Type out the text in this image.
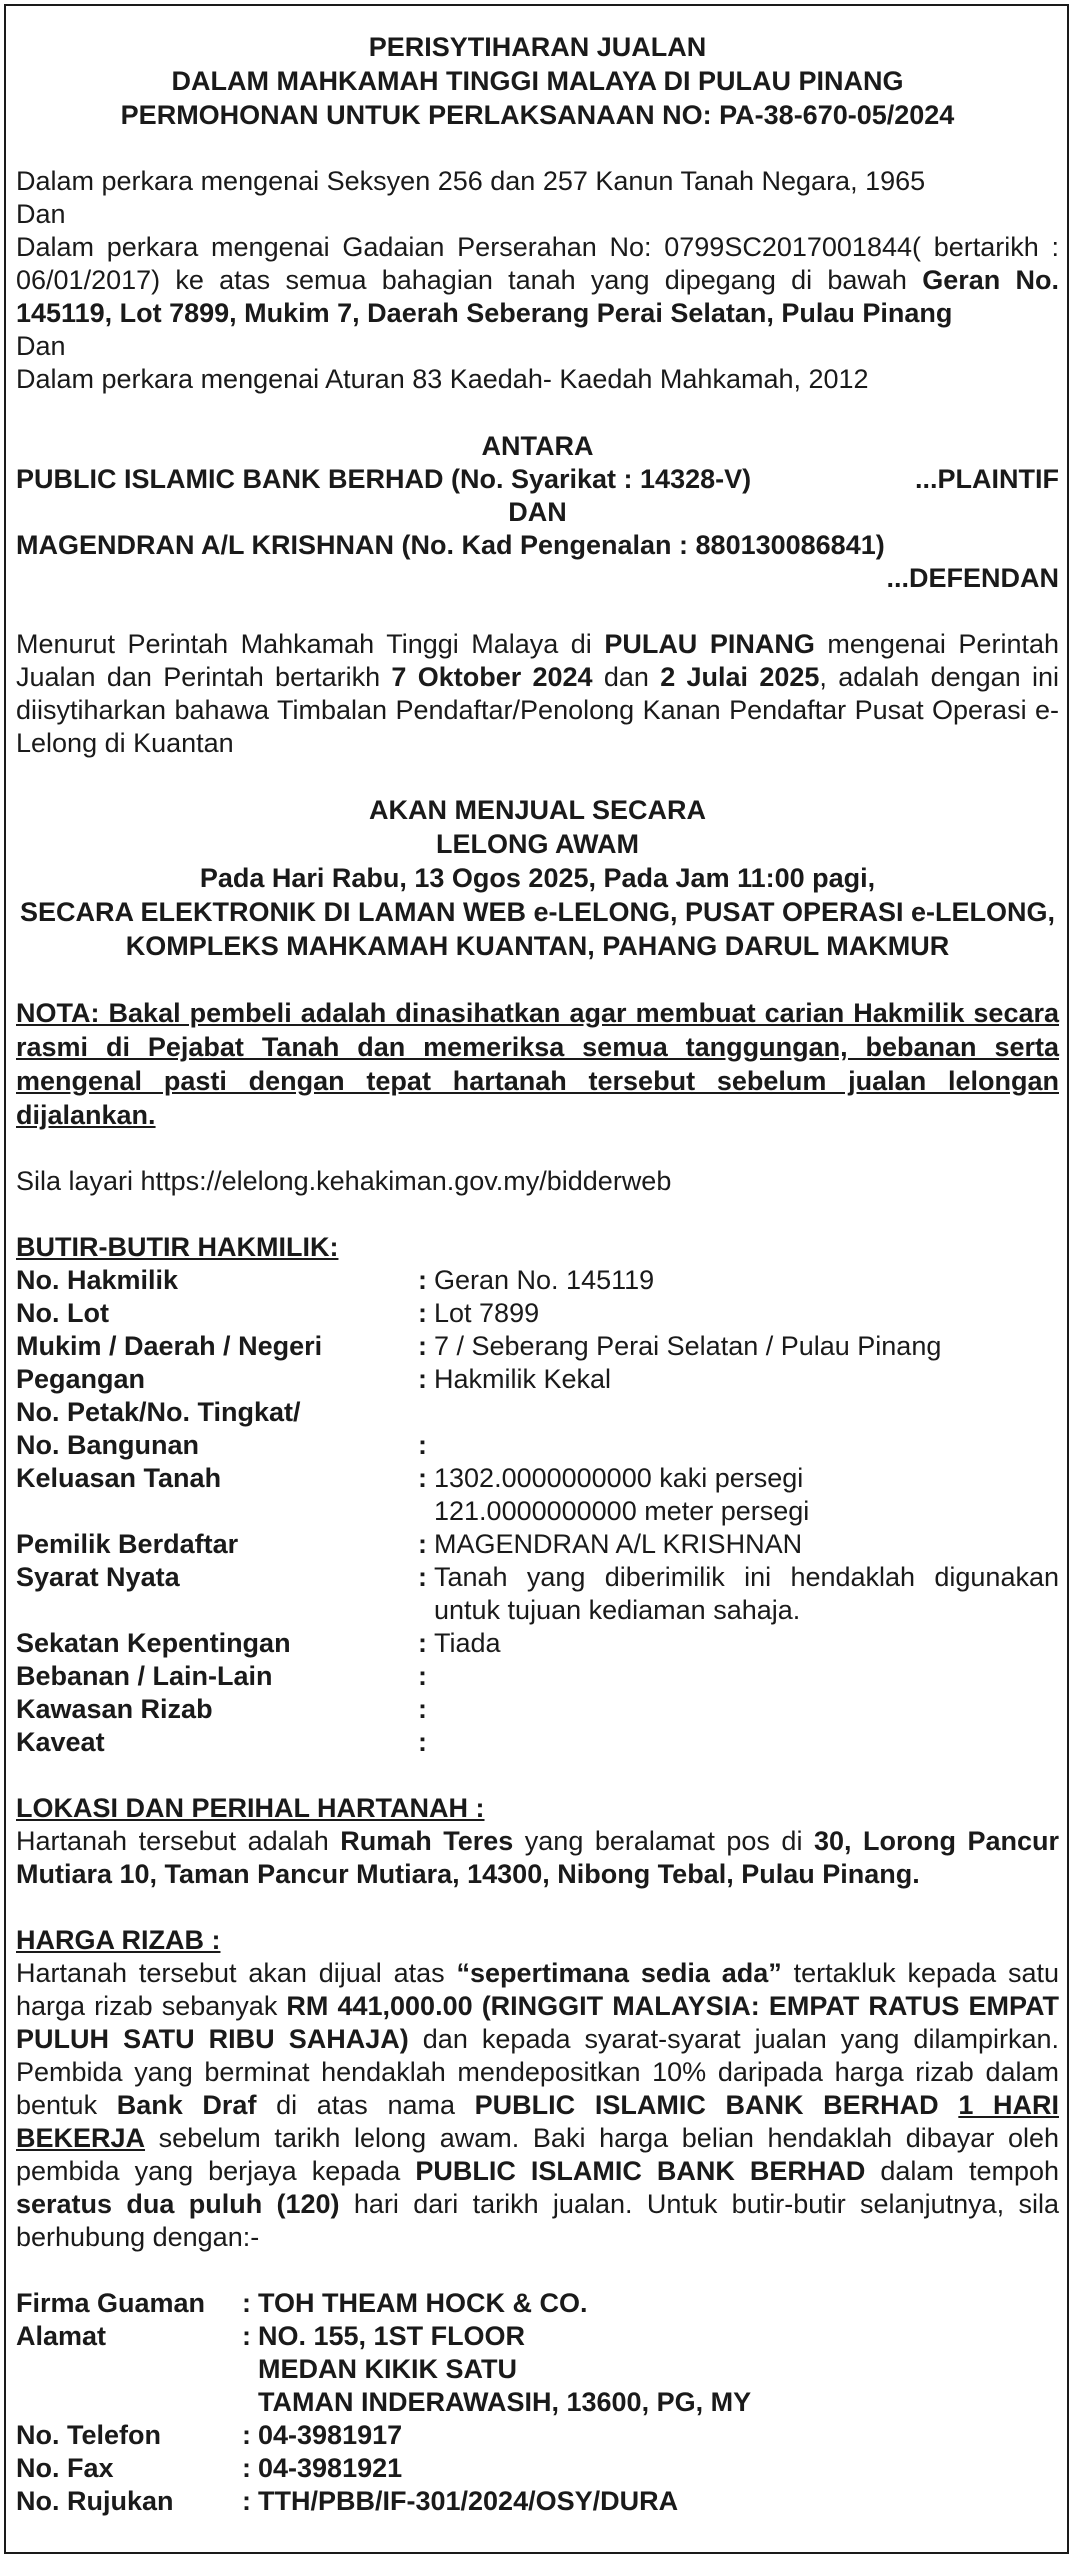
PERISYTIHARAN JUALAN
DALAM MAHKAMAH TINGGI MALAYA DI PULAU PINANG
PERMOHONAN UNTUK PERLAKSANAAN NO: PA-38-670-05/2024

Dalam perkara mengenai Seksyen 256 dan 257 Kanun Tanah Negara, 1965

Dan

Dalam perkara mengenai Gadaian Perserahan No: 0799SC2017001844( bertarikh : 06/01/2017) ke atas semua bahagian tanah yang dipegang di bawah Geran No. 145119, Lot 7899, Mukim 7, Daerah Seberang Perai Selatan, Pulau Pinang

Dan

Dalam perkara mengenai Aturan 83 Kaedah- Kaedah Mahkamah, 2012

ANTARA
PUBLIC ISLAMIC BANK BERHAD (No. Syarikat : 14328-V)	...PLAINTIF
DAN
MAGENDRAN A/L KRISHNAN (No. Kad Pengenalan : 880130086841)
...DEFENDAN

Menurut Perintah Mahkamah Tinggi Malaya di PULAU PINANG mengenai Perintah Jualan dan Perintah bertarikh 7 Oktober 2024 dan 2 Julai 2025, adalah dengan ini diisytiharkan bahawa Timbalan Pendaftar/Penolong Kanan Pendaftar Pusat Operasi e-Lelong di Kuantan

AKAN MENJUAL SECARA
LELONG AWAM
Pada Hari Rabu, 13 Ogos 2025, Pada Jam 11:00 pagi,
SECARA ELEKTRONIK DI LAMAN WEB e-LELONG, PUSAT OPERASI e-LELONG,
KOMPLEKS MAHKAMAH KUANTAN, PAHANG DARUL MAKMUR

NOTA: Bakal pembeli adalah dinasihatkan agar membuat carian Hakmilik secara rasmi di Pejabat Tanah dan memeriksa semua tanggungan, bebanan serta mengenal pasti dengan tepat hartanah tersebut sebelum jualan lelongan dijalankan.

Sila layari https://elelong.kehakiman.gov.my/bidderweb

BUTIR-BUTIR HAKMILIK:
No. Hakmilik	:	Geran No. 145119

No. Lot	:	Lot 7899

Mukim / Daerah / Negeri	:	7 / Seberang Perai Selatan / Pulau Pinang

Pegangan	:	Hakmilik Kekal

No. Petak/No. Tingkat/		

No. Bangunan	:	

Keluasan Tanah	:	1302.0000000000 kaki persegi
121.0000000000 meter persegi

Pemilik Berdaftar	:	MAGENDRAN A/L KRISHNAN

Syarat Nyata	:	Tanah yang diberimilik ini hendaklah digunakan untuk tujuan kediaman sahaja.

Sekatan Kepentingan	:	Tiada

Bebanan / Lain-Lain	:	

Kawasan Rizab	:	

Kaveat	:	
LOKASI DAN PERIHAL HARTANAH :

Hartanah tersebut adalah Rumah Teres yang beralamat pos di 30, Lorong Pancur Mutiara 10, Taman Pancur Mutiara, 14300, Nibong Tebal, Pulau Pinang.

HARGA RIZAB :

Hartanah tersebut akan dijual atas “sepertimana sedia ada” tertakluk kepada satu harga rizab sebanyak RM 441,000.00 (RINGGIT MALAYSIA: EMPAT RATUS EMPAT PULUH SATU RIBU SAHAJA) dan kepada syarat-syarat jualan yang dilampirkan. Pembida yang berminat hendaklah mendepositkan 10% daripada harga rizab dalam bentuk Bank Draf di atas nama PUBLIC ISLAMIC BANK BERHAD 1 HARI BEKERJA sebelum tarikh lelong awam. Baki harga belian hendaklah dibayar oleh pembida yang berjaya kepada PUBLIC ISLAMIC BANK BERHAD dalam tempoh seratus dua puluh (120) hari dari tarikh jualan. Untuk butir-butir selanjutnya, sila berhubung dengan:-

Firma Guaman	:	TOH THEAM HOCK & CO.
Alamat	:	NO. 155, 1ST FLOOR
		MEDAN KIKIK SATU
		TAMAN INDERAWASIH, 13600, PG, MY
No. Telefon	:	04-3981917
No. Fax	:	04-3981921
No. Rujukan	:	TTH/PBB/IF-301/2024/OSY/DURA
